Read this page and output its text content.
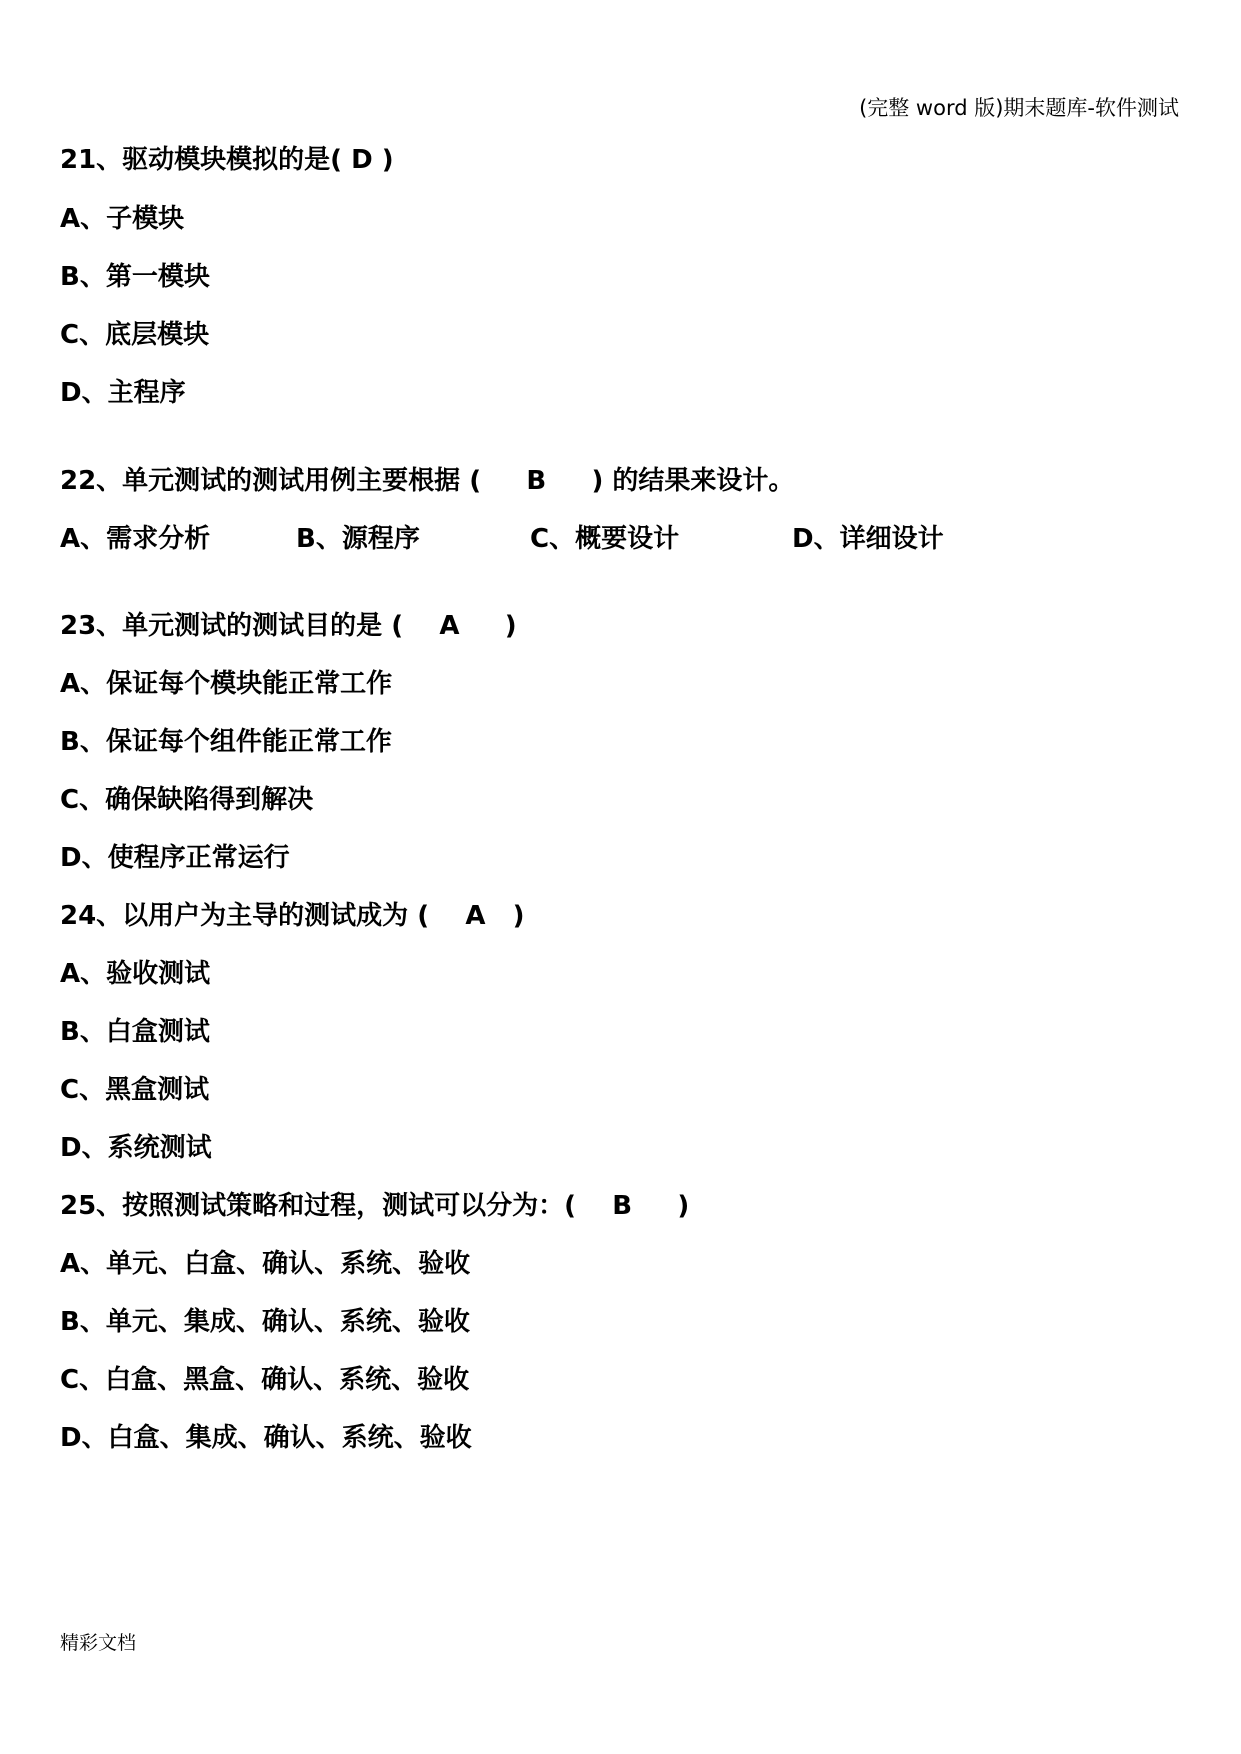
(完整 word 版)期末题库-软件测试
21、驱动模块模拟的是( D )
A、子模块
B、第一模块
C、底层模块
D、主程序
22、单元测试的测试用例主要根据 (     B     ) 的结果来设计。
A、需求分析	B、源程序	C、概要设计	D、详细设计
23、单元测试的测试目的是 (    A     )
A、保证每个模块能正常工作
B、保证每个组件能正常工作
C、确保缺陷得到解决
D、使程序正常运行
24、以用户为主导的测试成为 (    A   )
A、验收测试
B、白盒测试
C、黑盒测试
D、系统测试
25、按照测试策略和过程，测试可以分为：(    B     )
A、单元、白盒、确认、系统、验收
B、单元、集成、确认、系统、验收
C、白盒、黑盒、确认、系统、验收
D、白盒、集成、确认、系统、验收
精彩文档
